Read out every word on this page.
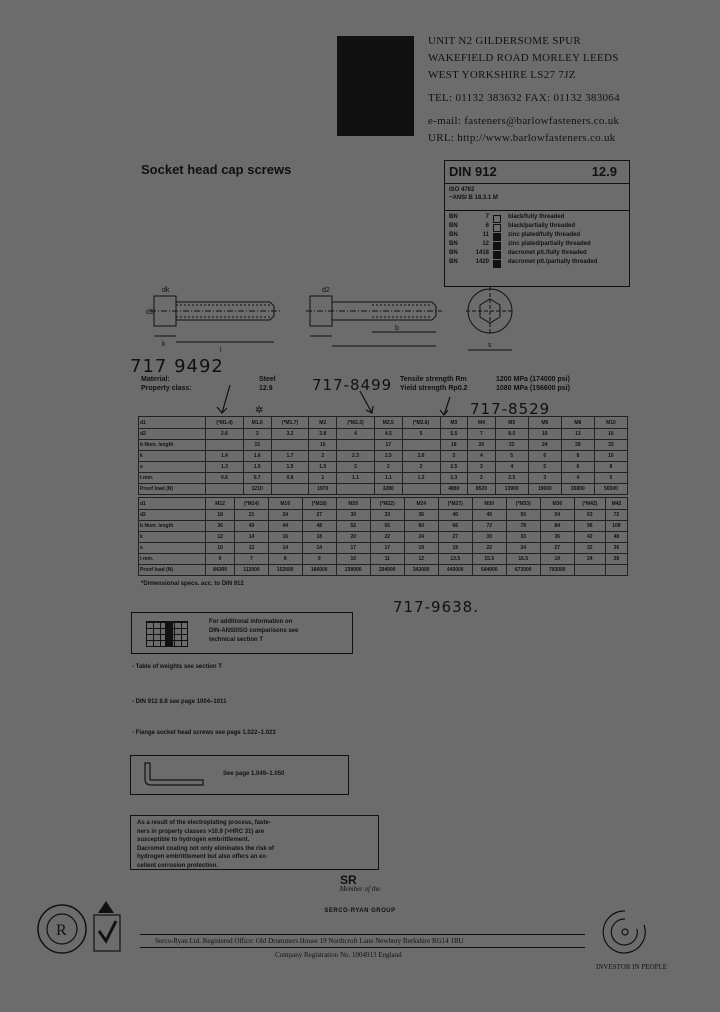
UNIT N2 GILDERSOME SPUR
WAKEFIELD ROAD MORLEY LEEDS
WEST YORKSHIRE LS27 7JZ
TEL: 01132 383632 FAX: 01132 383064
e-mail: fasteners@barlowfasteners.co.uk
URL: http://www.barlowfasteners.co.uk
Socket head cap screws	DIN 912	12.9
ISO 4762
~ANSI B 18.3.1 M
BN	7	black/fully threaded
BN	6	black/partially threaded
BN	11	zinc plated/fully threaded
BN	12	zinc plated/partially threaded
BN	1418	dacromet plt./fully threaded
BN	1420	dacromet plt./partially threaded
d1
dk
k
l
b
s
d2
717 9492
717-8499
717-8529
717-9638.
✲
Material:	Steel
Property class:	12.9
Tensile strength Rm	1200 MPa (174000 psi)
Yield strength Rp0.2	1080 MPa (156600 psi)
d1	(*M1.4)	M1.6	(*M1.7)	M2	(*M2.3)	M2.5	(*M2.6)	M3	M4	M5	M6	M8	M10
d2	2.6	3	3.2	3.8	4	4.5	5	5.5	7	8.5	10	13	16
b Nom. length		15		16		17		18	20	22	24	28	32
k	1.4	1.6	1.7	2	2.3	2.5	2.6	3	4	5	6	8	10
s	1.3	1.5	1.5	1.5	2	2	2	2.5	3	4	5	6	8
t min.	0.6	0.7	0.8	1	1.1	1.1	1.2	1.3	2	2.5	3	4	5
Proof load (N)		1210		1970		3280		4880	8520	13900	19600	35800	56500
d1	M12	(*M14)	M16	(*M18)	M20	(*M22)	M24	(*M27)	M30	(*M33)	M36	(*M42)	M42
d2	18	21	24	27	30	33	36	40	45	50	54	63	72
b Nom. length	36	40	44	48	52	56	60	66	72	78	84	96	108
k	12	14	16	18	20	22	24	27	30	33	36	42	48
s	10	12	14	14	17	17	19	19	22	24	27	32	36
t min.	6	7	8	9	10	11	12	13.5	15.5	16.5	19	24	28
Proof load (N)	84300	112000	152000	186000	238000	294000	342000	445000	544000	673000	792000		
*Dimensional specs. acc. to DIN 912
For additional information on
DIN-ANSI/ISO comparisons see
technical section T
- Table of weights see section T
- DIN 912 8.8 see page 1004–1011
- Flange socket head screws see page 1.022–1.023
See page 1.049–1.050
As a result of the electroplating process, faste-
ners in property classes >10.9 (>HRC 31) are
susceptible to hydrogen embrittlement.
Dacromet coating not only eliminates the risk of
hydrogen embrittlement but also offers an ex-
cellent corrosion protection.
SR
Member of the
SERCO-RYAN GROUP
R
Serco-Ryan Ltd. Registered Office: Old Drummers House 19 Northcroft Lane Newbury Berkshire RG14 1BU
Company Registration No. 1004913 England
INVESTOR IN PEOPLE
